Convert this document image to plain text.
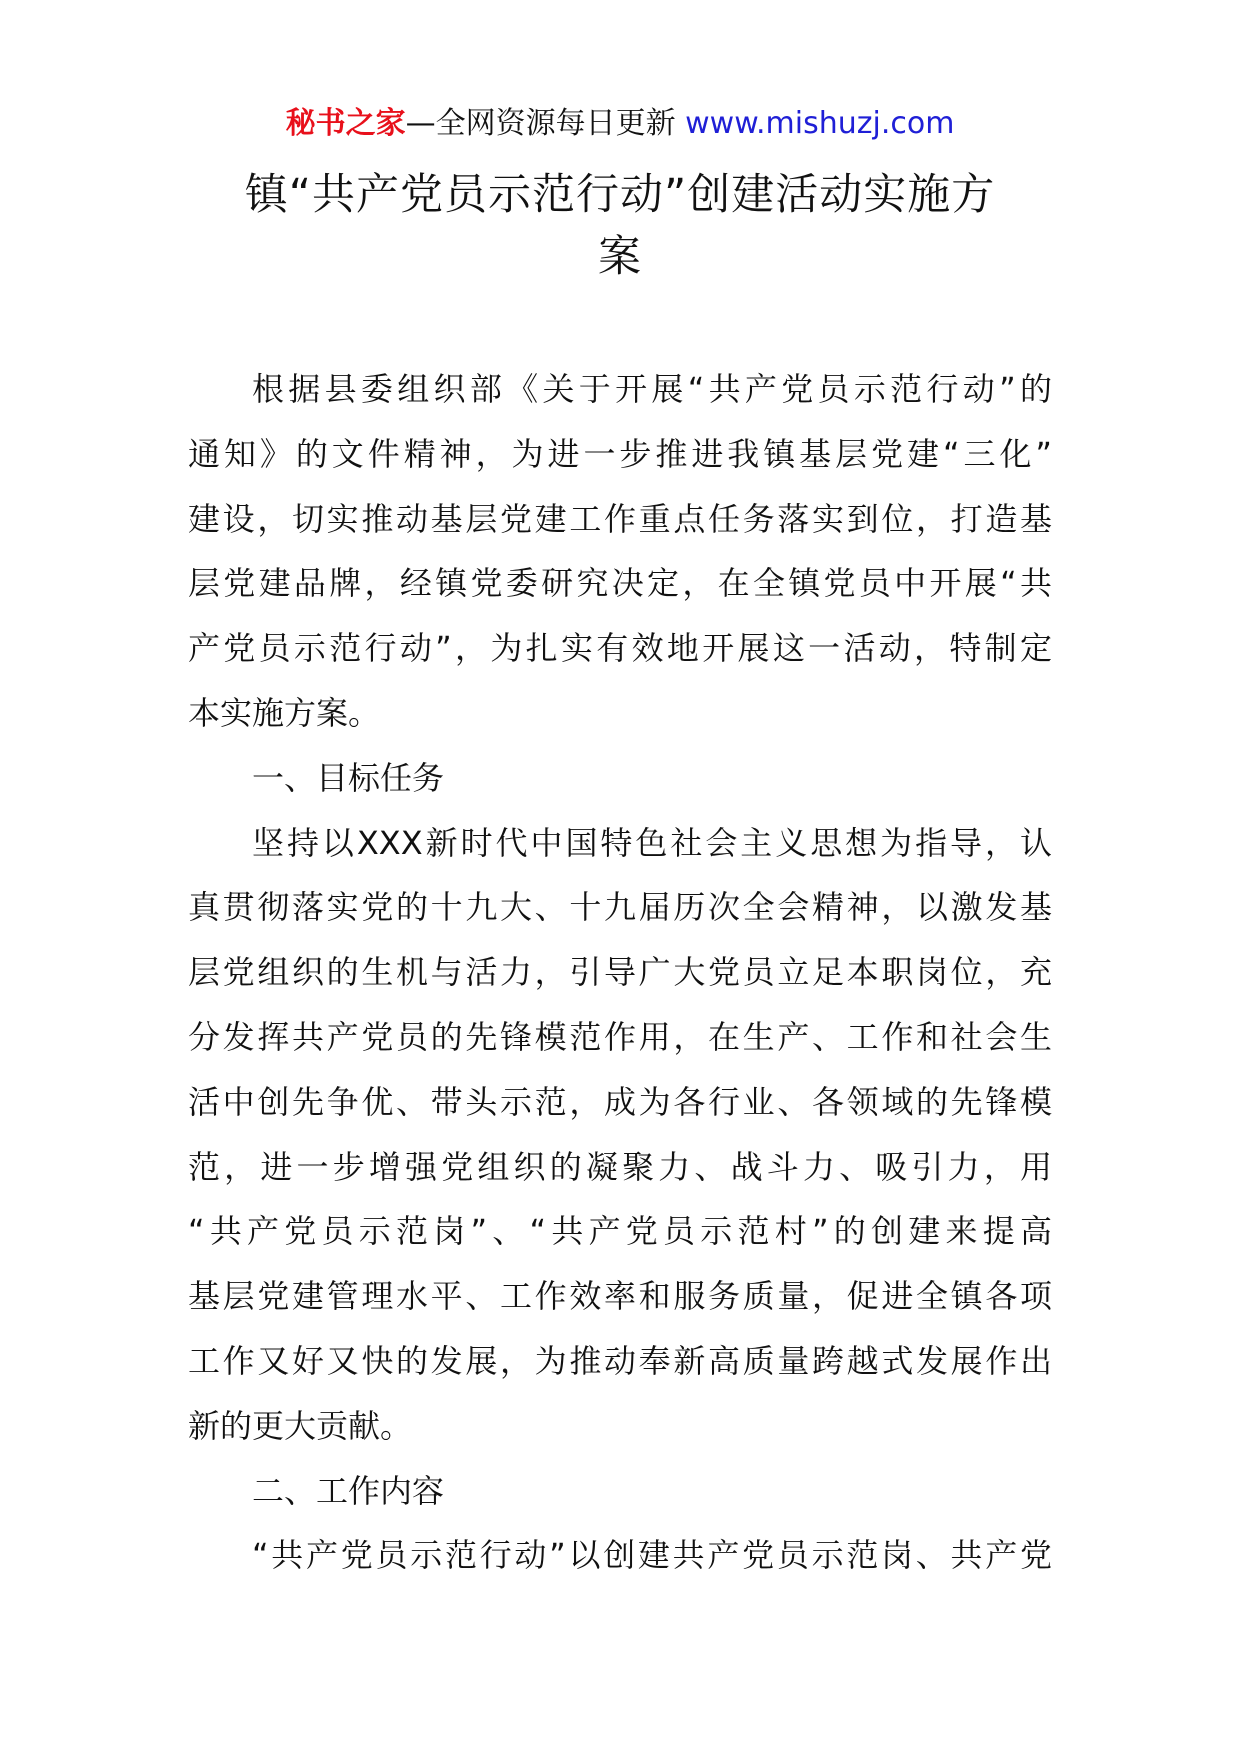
秘书之家—全网资源每日更新 www.mishuzj.com
镇“共产党员示范行动”创建活动实施方
案
根据县委组织部《关于开展“共产党员示范行动”的
通知》的文件精神，为进一步推进我镇基层党建“三化”
建设，切实推动基层党建工作重点任务落实到位，打造基
层党建品牌，经镇党委研究决定，在全镇党员中开展“共
产党员示范行动”，为扎实有效地开展这一活动，特制定
本实施方案。
一、目标任务
坚持以XXX新时代中国特色社会主义思想为指导，认
真贯彻落实党的十九大、十九届历次全会精神，以激发基
层党组织的生机与活力，引导广大党员立足本职岗位，充
分发挥共产党员的先锋模范作用，在生产、工作和社会生
活中创先争优、带头示范，成为各行业、各领域的先锋模
范，进一步增强党组织的凝聚力、战斗力、吸引力，用
“共产党员示范岗”、“共产党员示范村”的创建来提高
基层党建管理水平、工作效率和服务质量，促进全镇各项
工作又好又快的发展，为推动奉新高质量跨越式发展作出
新的更大贡献。
二、工作内容
“共产党员示范行动”以创建共产党员示范岗、共产党
